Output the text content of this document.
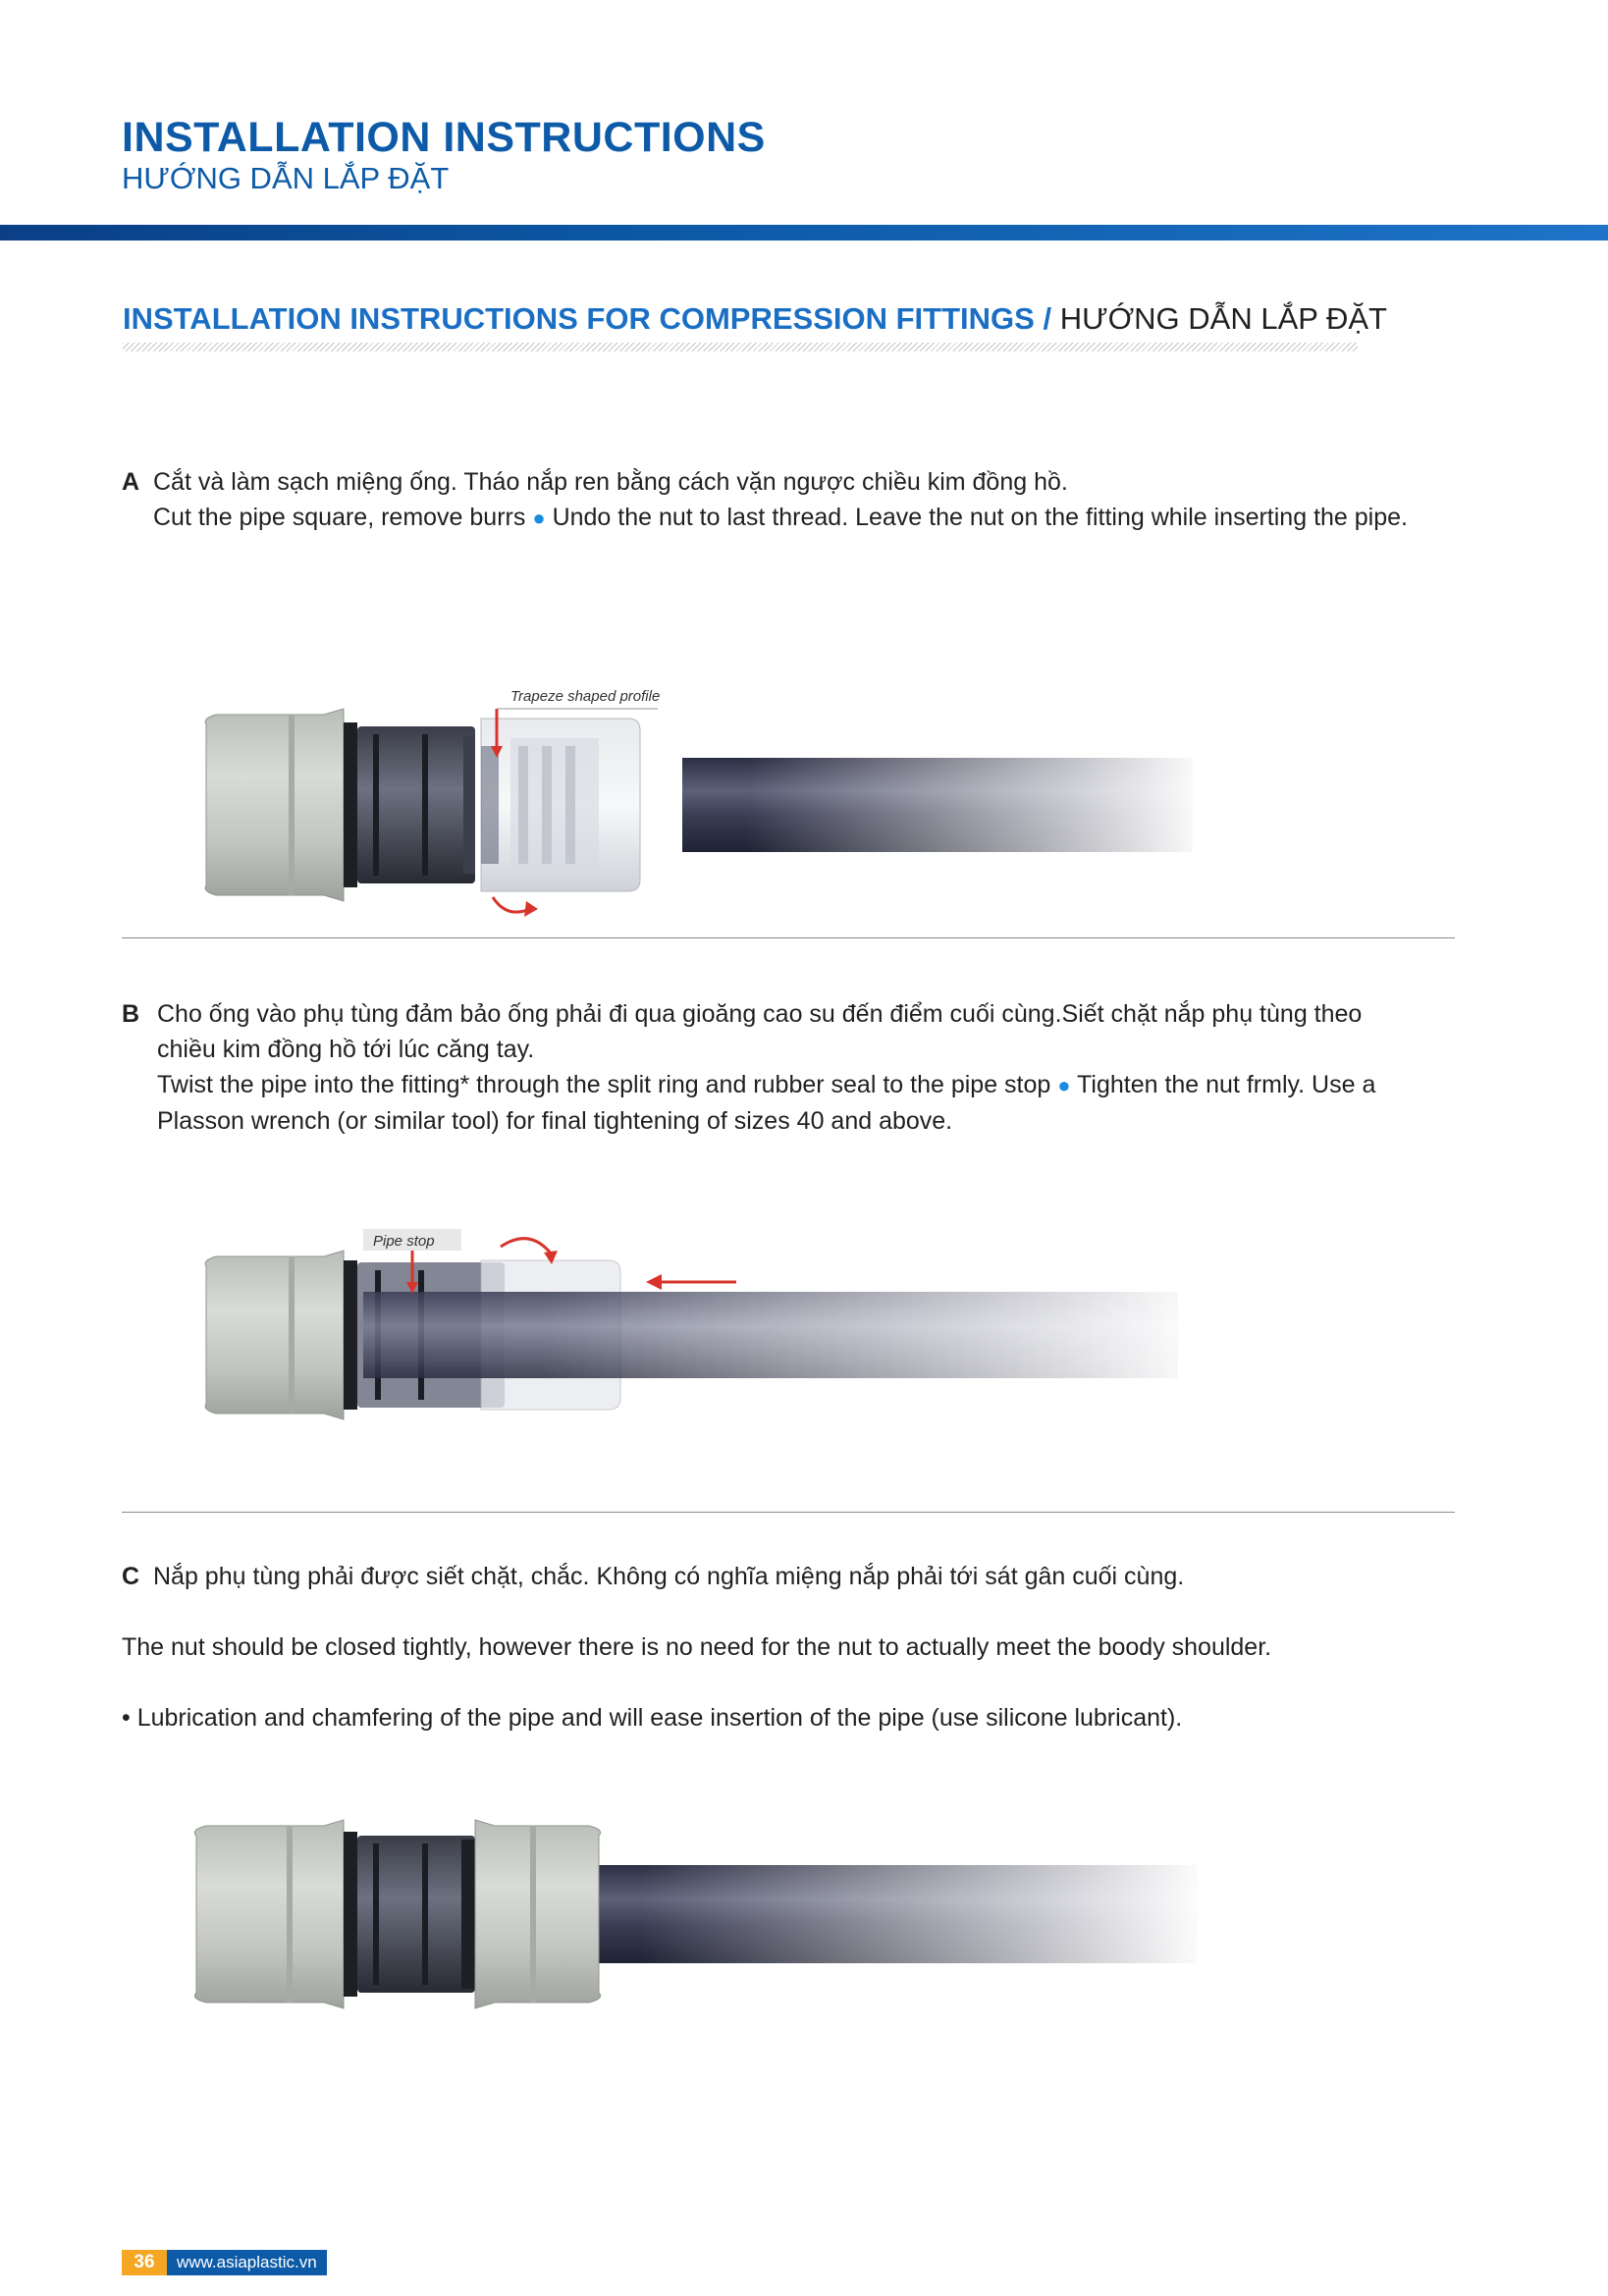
INSTALLATION INSTRUCTIONS
HƯỚNG DẪN LẮP ĐẶT
INSTALLATION INSTRUCTIONS FOR COMPRESSION FITTINGS / HƯỚNG DẪN LẮP ĐẶT
A Cắt và làm sạch miệng ống. Tháo nắp ren bằng cách vặn ngược chiều kim đồng hồ.
Cut the pipe square, remove burrs ● Undo the nut to last thread. Leave the nut on the fitting while inserting the pipe.
Trapeze shaped profile
B Cho ống vào phụ tùng đảm bảo ống phải đi qua gioăng cao su đến điểm cuối cùng.Siết chặt nắp phụ tùng theo
chiều kim đồng hồ tới lúc căng tay.
Twist the pipe into the fitting* through the split ring and rubber seal to the pipe stop ● Tighten the nut frmly. Use a
Plasson wrench (or similar tool) for final tightening of sizes 40 and above.
Pipe stop
C Nắp phụ tùng phải được siết chặt, chắc. Không có nghĩa miệng nắp phải tới sát gân cuối cùng.
The nut should be closed tightly, however there is no need for the nut to actually meet the boody shoulder.
• Lubrication and chamfering of the pipe and will ease insertion of the pipe (use silicone lubricant).
36	www.asiaplastic.vn
